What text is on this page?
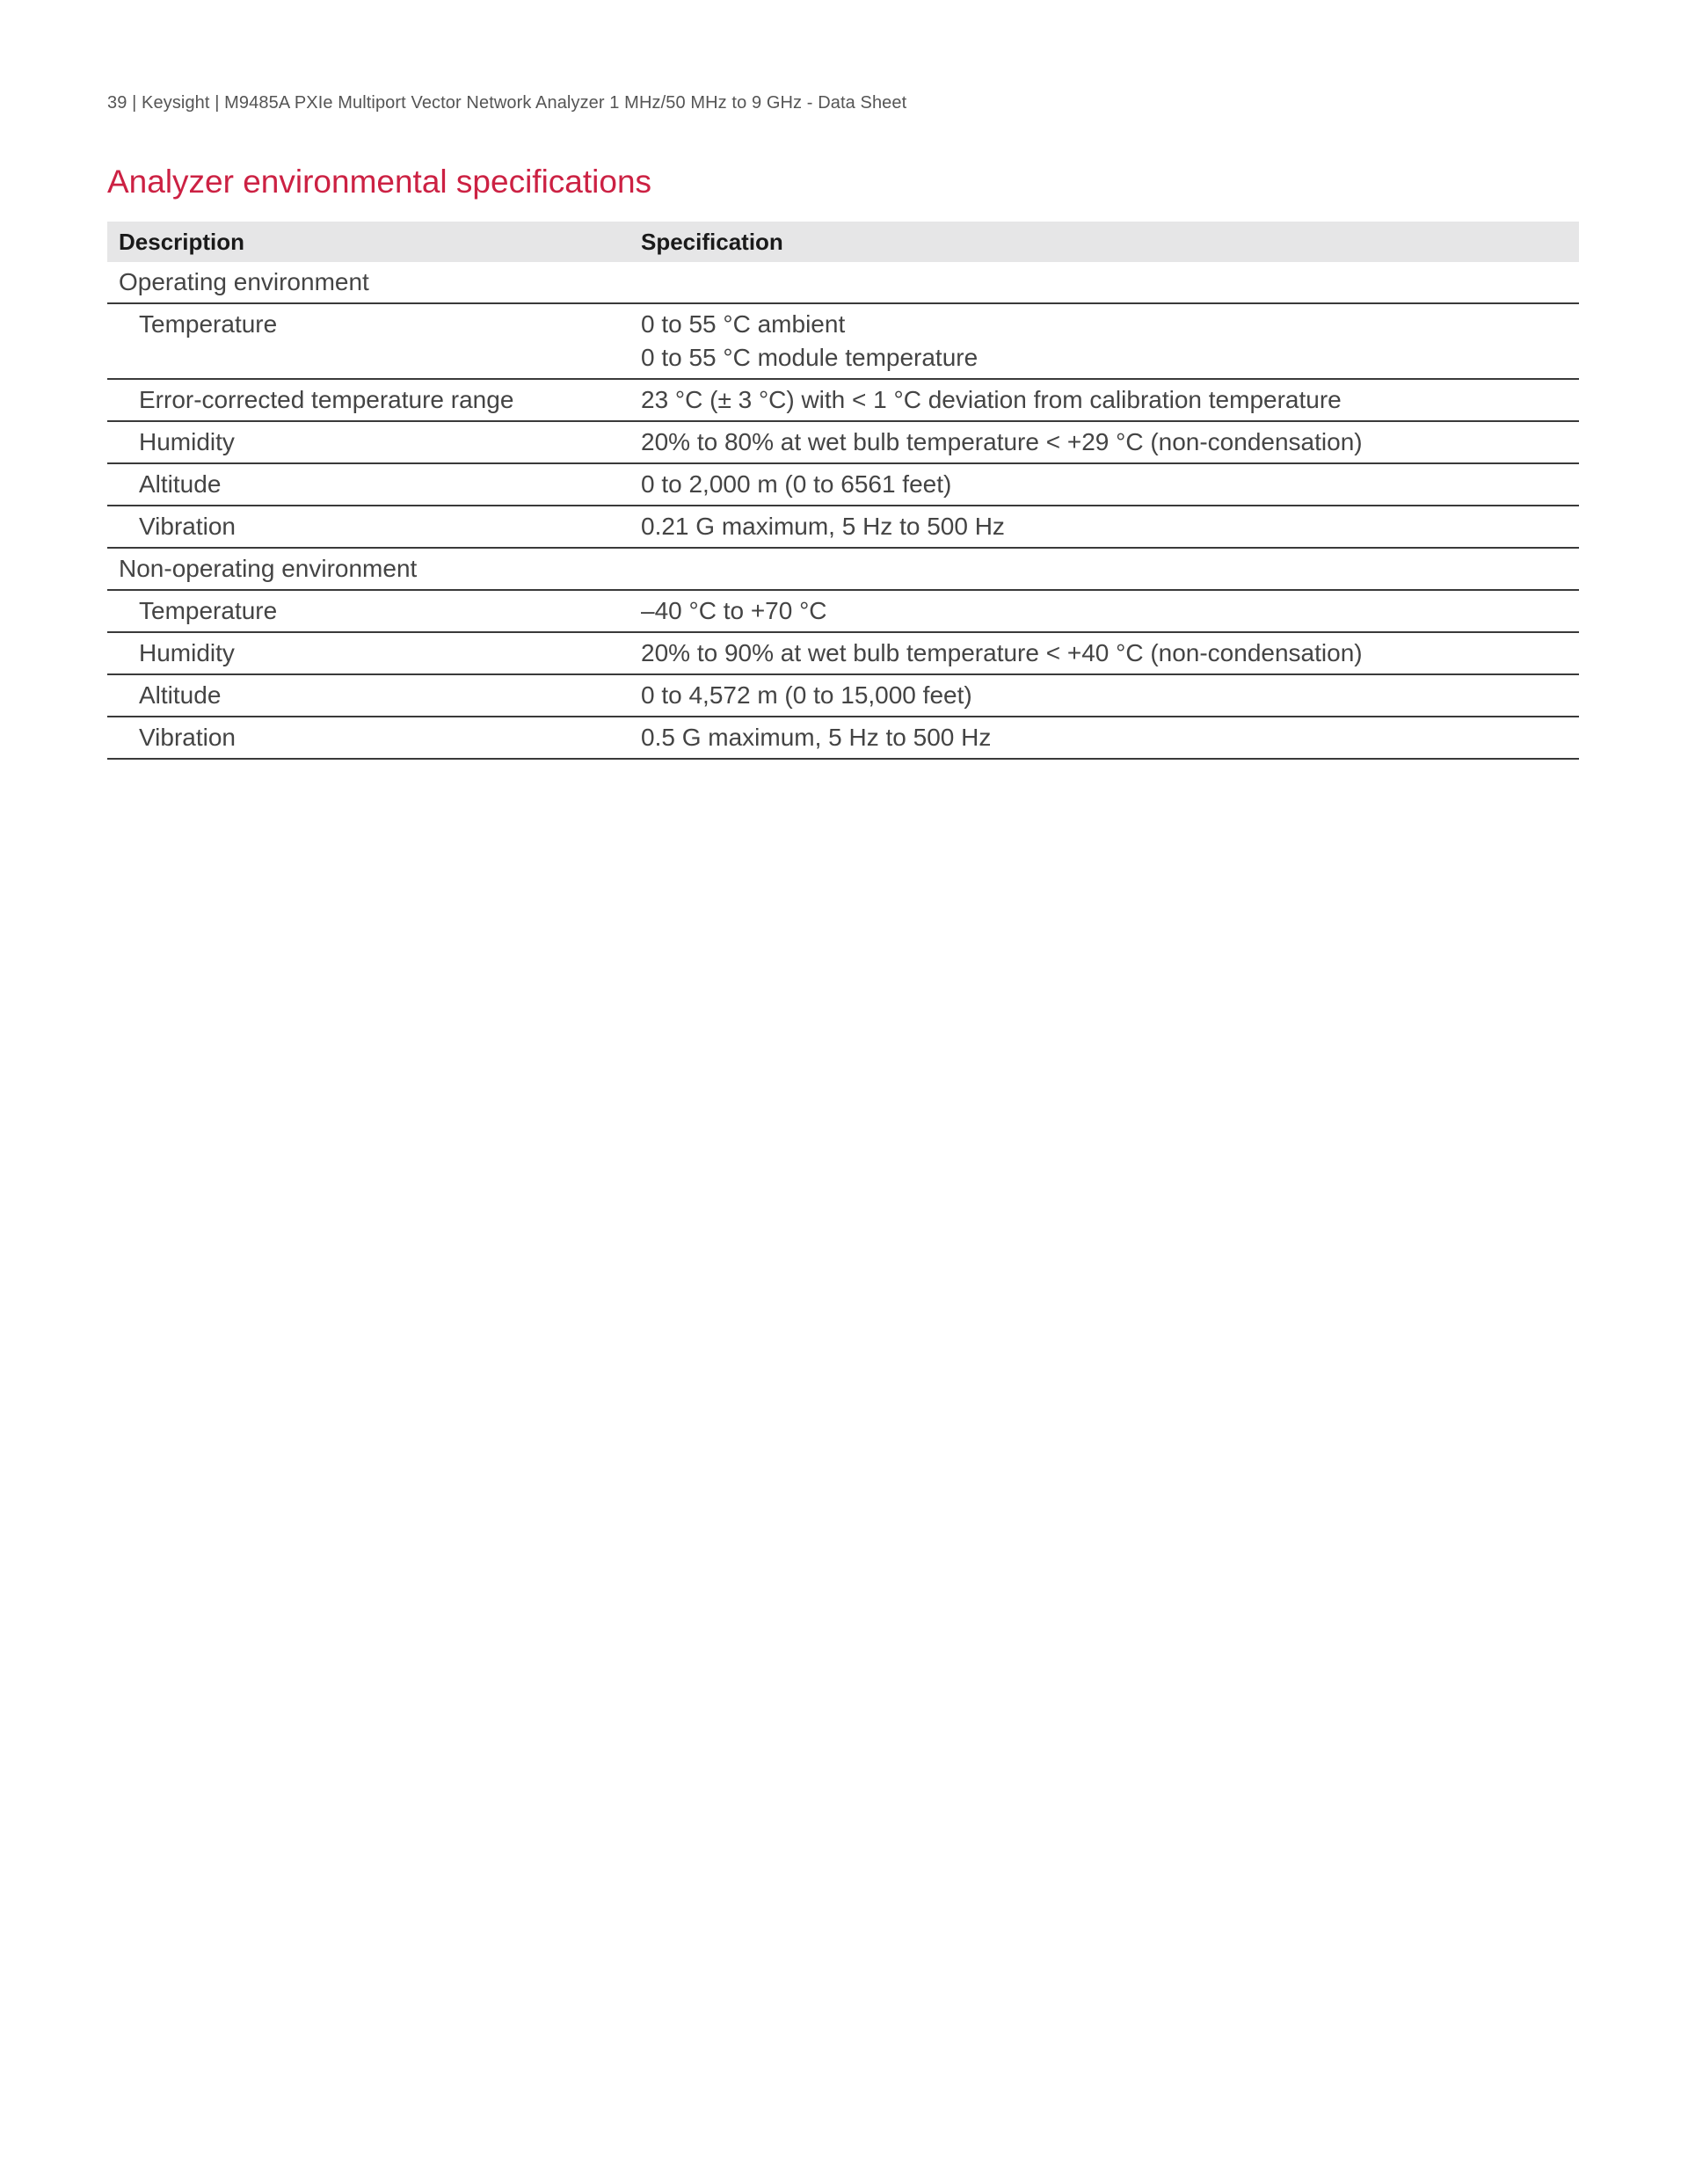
39 | Keysight | M9485A PXIe Multiport Vector Network Analyzer 1 MHz/50 MHz to 9 GHz - Data Sheet
Analyzer environmental specifications
Description	Specification
Operating environment	
Temperature	0 to 55 °C ambient
0 to 55 °C module temperature

Error-corrected temperature range	23 °C (± 3 °C) with < 1 °C deviation from calibration temperature

Humidity	20% to 80% at wet bulb temperature < +29 °C (non-condensation)

Altitude	0 to 2,000 m (0 to 6561 feet)

Vibration	0.21 G maximum, 5 Hz to 500 Hz

Non-operating environment	
Temperature	–40 °C to +70 °C

Humidity	20% to 90% at wet bulb temperature < +40 °C (non-condensation)

Altitude	0 to 4,572 m (0 to 15,000 feet)

Vibration	0.5 G maximum, 5 Hz to 500 Hz
